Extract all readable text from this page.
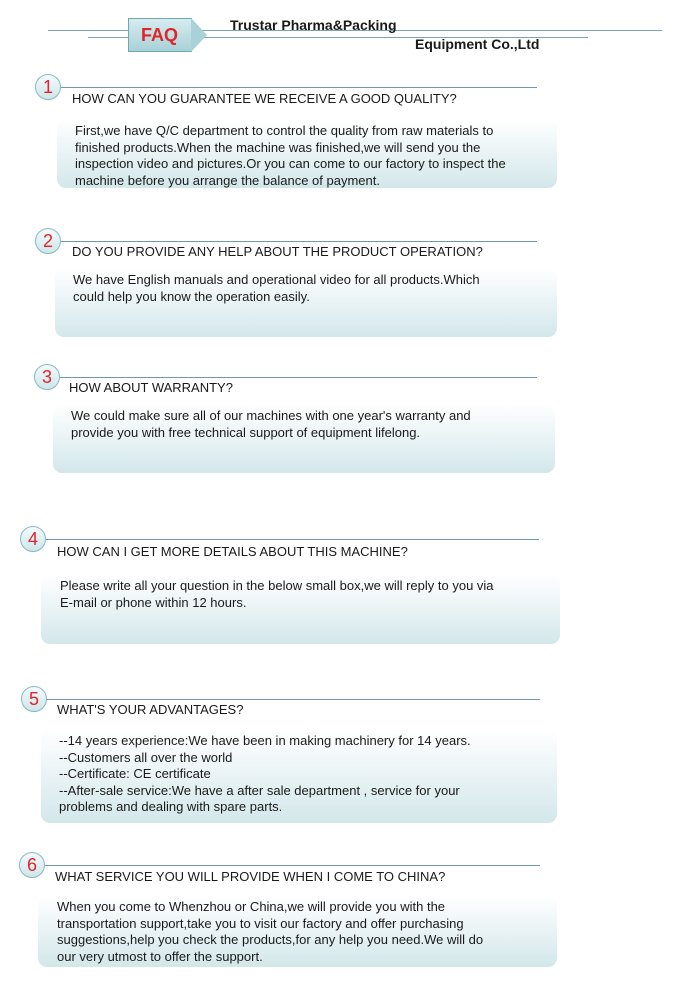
FAQ	Trustar Pharma&Packing
Equipment Co.,Ltd
1
HOW CAN YOU GUARANTEE WE RECEIVE A GOOD QUALITY?
First,we have Q/C department to control the quality from raw materials to
finished products.When the machine was finished,we will send you the
inspection video and pictures.Or you can come to our factory to inspect the
machine before you arrange the balance of payment.
2
DO YOU PROVIDE ANY HELP ABOUT THE PRODUCT OPERATION?
We have English manuals and operational video for all products.Which
could help you know the operation easily.
3
HOW ABOUT WARRANTY?
We could make sure all of our machines with one year's warranty and
provide you with free technical support of equipment lifelong.
4
HOW CAN I GET MORE DETAILS ABOUT THIS MACHINE?
Please write all your question in the below small box,we will reply to you via
E-mail or phone within 12 hours.
5
WHAT'S YOUR ADVANTAGES?
--14 years experience:We have been in making machinery for 14 years.
--Customers all over the world
--Certificate: CE certificate
--After-sale service:We have a after sale department , service for your
problems and dealing with spare parts.
6
WHAT SERVICE YOU WILL PROVIDE WHEN I COME TO CHINA?
When you come to Whenzhou or China,we will provide you with the
transportation support,take you to visit our factory and offer purchasing
suggestions,help you check the products,for any help you need.We will do
our very utmost to offer the support.
